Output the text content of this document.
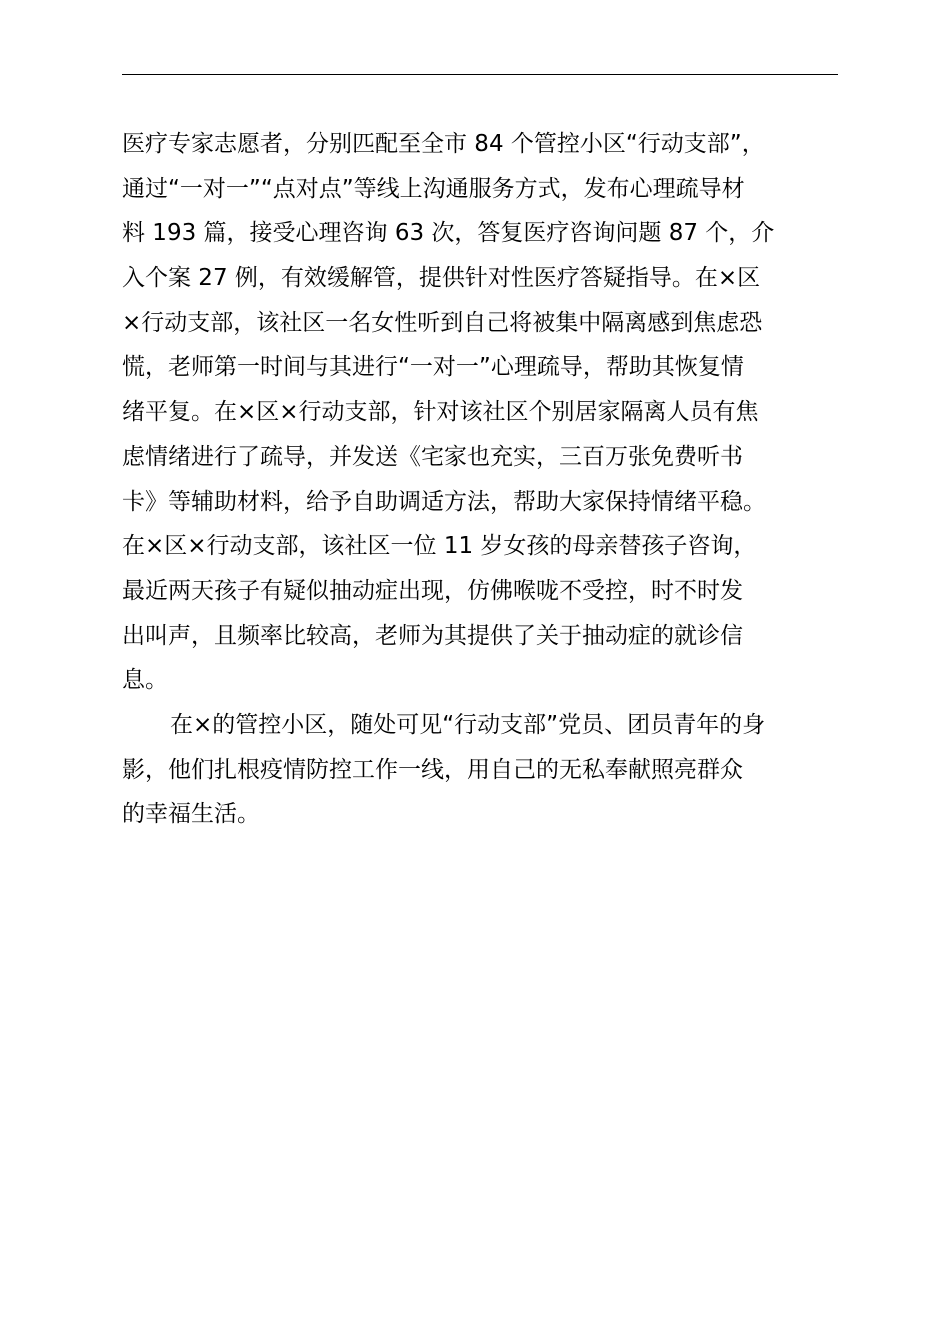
医疗专家志愿者，分别匹配至全市 84 个管控小区“行动支部”，
通过“一对一”“点对点”等线上沟通服务方式，发布心理疏导材
料 193 篇，接受心理咨询 63 次，答复医疗咨询问题 87 个，介
入个案 27 例，有效缓解管，提供针对性医疗答疑指导。在×区
×行动支部，该社区一名女性听到自己将被集中隔离感到焦虑恐
慌，老师第一时间与其进行“一对一”心理疏导，帮助其恢复情
绪平复。在×区×行动支部，针对该社区个别居家隔离人员有焦
虑情绪进行了疏导，并发送《宅家也充实，三百万张免费听书
卡》等辅助材料，给予自助调适方法，帮助大家保持情绪平稳。
在×区×行动支部，该社区一位 11 岁女孩的母亲替孩子咨询，
最近两天孩子有疑似抽动症出现，仿佛喉咙不受控，时不时发
出叫声，且频率比较高，老师为其提供了关于抽动症的就诊信
息。
在×的管控小区，随处可见“行动支部”党员、团员青年的身
影，他们扎根疫情防控工作一线，用自己的无私奉献照亮群众
的幸福生活。
